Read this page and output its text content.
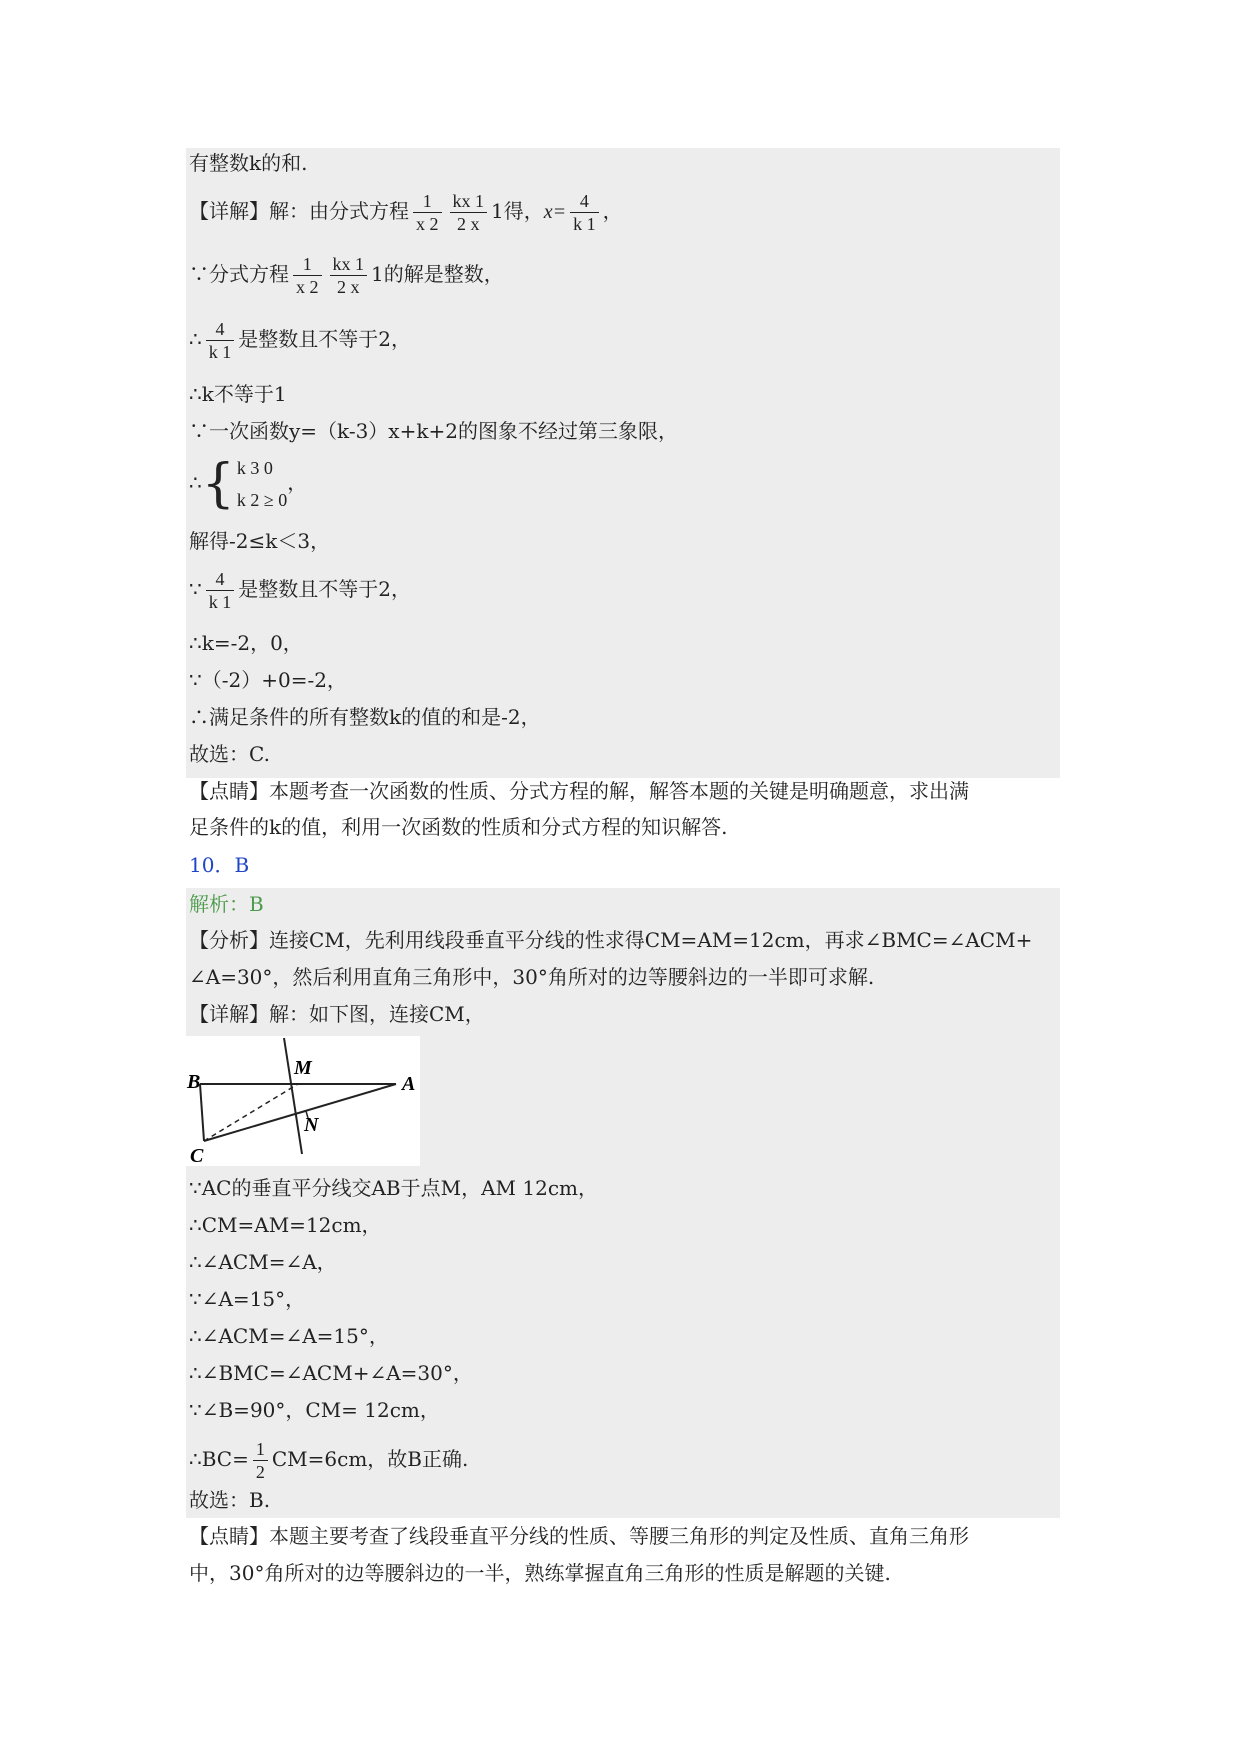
有整数k的和.
【详解】解：由分式方程 $\frac{1}{x 2} \frac{kx 1}{2 x} 1$得，$x= \frac{4}{k 1}$ ，
∵分式方程 $\frac{1}{x 2} \frac{kx 1}{2 x} 1$的解是整数，
∴ $\frac{4}{k 1}$ 是整数且不等于2，
∴k不等于1
∵一次函数y=（k-3）x+k+2的图象不经过第三象限，
∴{ k 3 0
k 2 ≥ 0
，
解得-2≤k＜3，
∵ $\frac{4}{k 1}$ 是整数且不等于2，
∴k=-2，0，
∵（-2）+0=-2，
∴满足条件的所有整数k的值的和是-2，
故选：C.
【点睛】本题考查一次函数的性质、分式方程的解，解答本题的关键是明确题意，求出满
足条件的k的值，利用一次函数的性质和分式方程的知识解答.
10．B
解析：B
【分析】连接CM，先利用线段垂直平分线的性求得CM=AM=12cm，再求∠BMC=∠ACM+
∠A=30°，然后利用直角三角形中，30°角所对的边等腰斜边的一半即可求解.
【详解】解：如下图，连接CM，
B
M
A
N
C
∵AC的垂直平分线交AB于点M，AM 12cm，
∴CM=AM=12cm，
∴∠ACM=∠A，
∵∠A=15°，
∴∠ACM=∠A=15°，
∴∠BMC=∠ACM+∠A=30°，
∵∠B=90°，CM= 12cm，
∴BC= $\frac{1}{2} CM=6cm$，故B正确.
故选：B.
【点睛】本题主要考查了线段垂直平分线的性质、等腰三角形的判定及性质、直角三角形
中，30°角所对的边等腰斜边的一半，熟练掌握直角三角形的性质是解题的关键.
